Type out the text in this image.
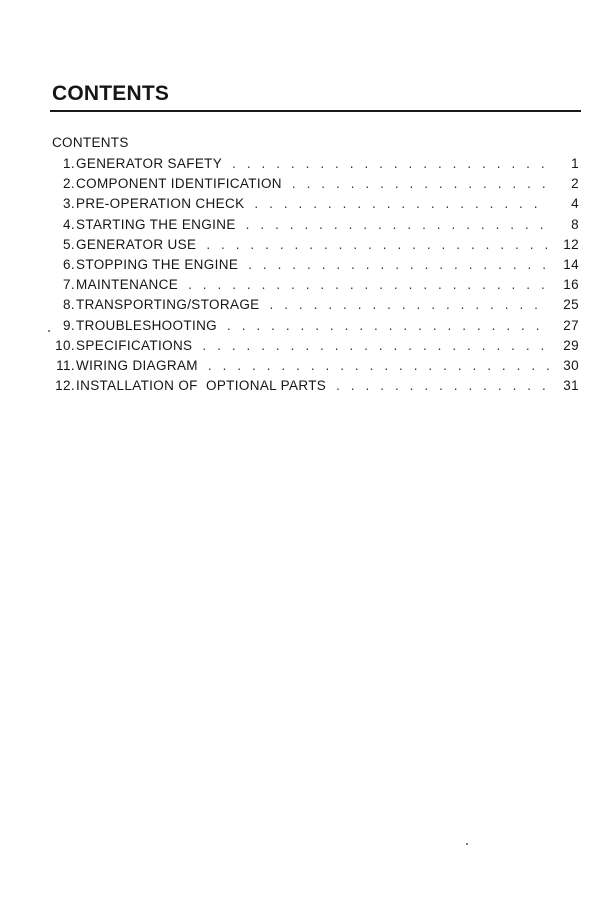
CONTENTS
CONTENTS
1. GENERATOR SAFETY . . .	1
2. COMPONENT IDENTIFICATION . . .	2
3. PRE-OPERATION CHECK . . .	4
4. STARTING THE ENGINE . . .	8
5. GENERATOR USE . . .	12
6. STOPPING THE ENGINE . . .	14
7. MAINTENANCE . . .	16
8. TRANSPORTING/STORAGE . . .	25
9. TROUBLESHOOTING . . .	27
10. SPECIFICATIONS . . .	29
11. WIRING DIAGRAM . . .	30
12. INSTALLATION OF  OPTIONAL PARTS . . .	31
